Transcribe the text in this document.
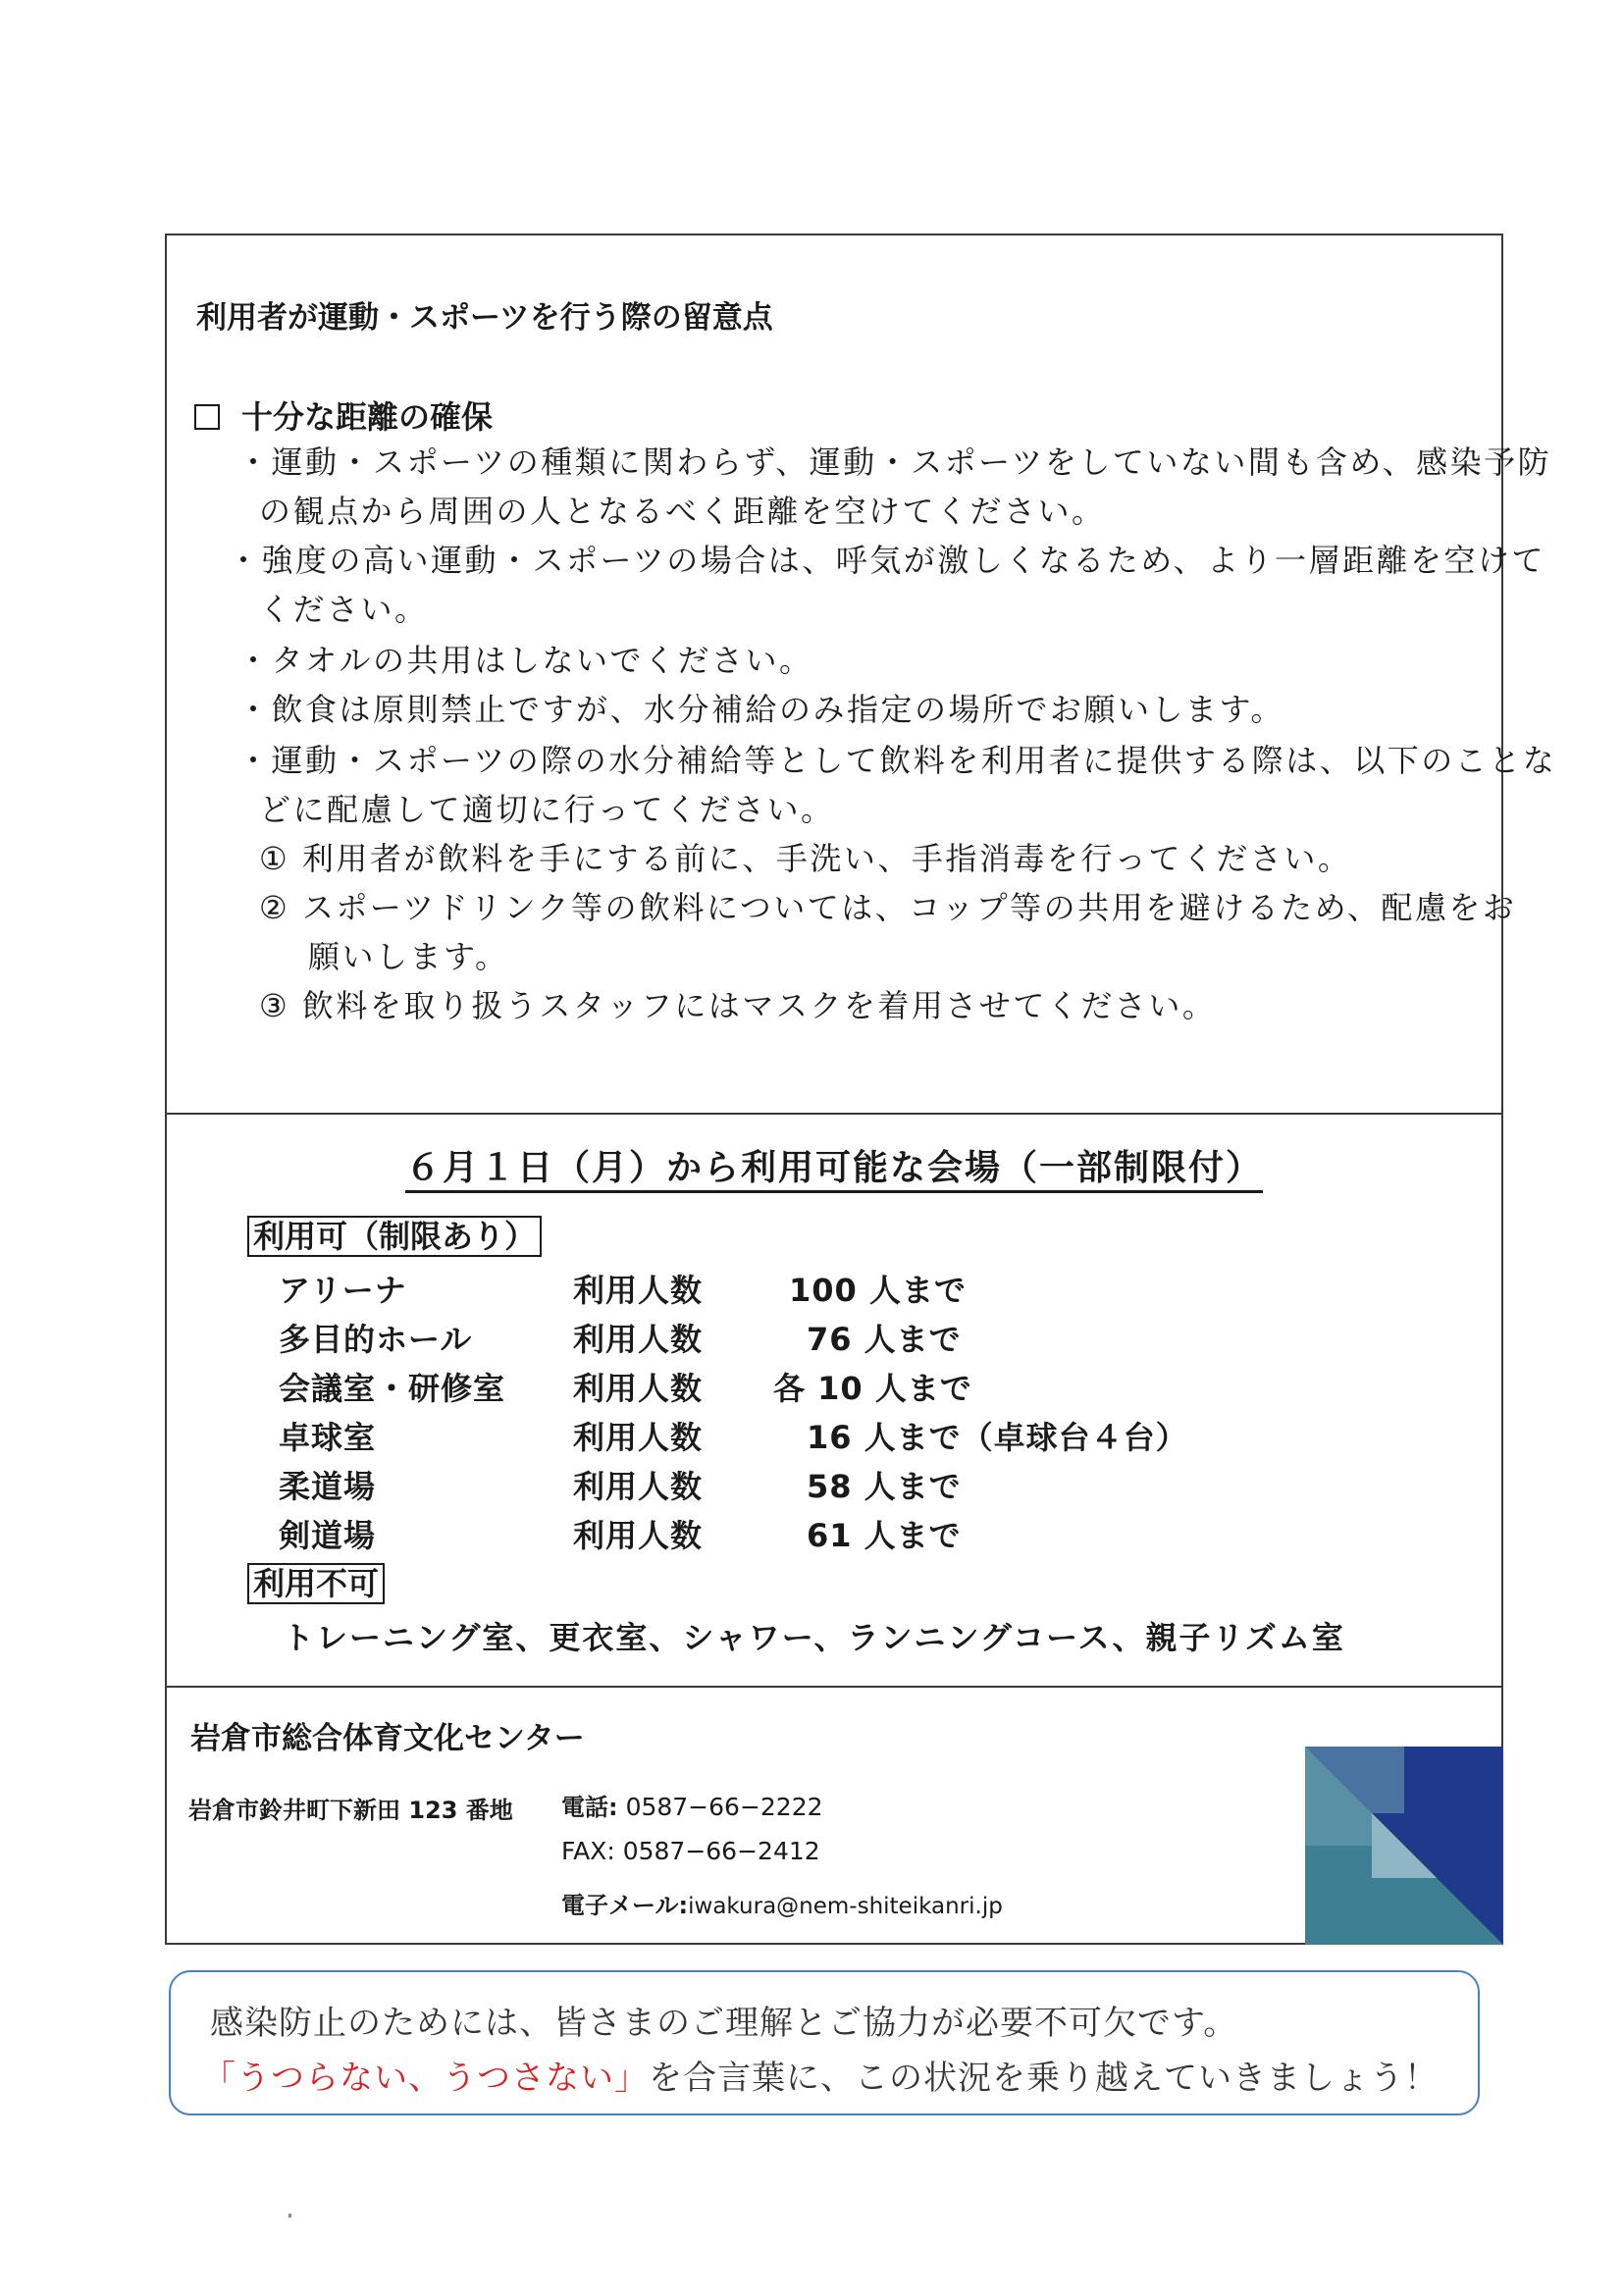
利用者が運動・スポーツを行う際の留意点
十分な距離の確保
・運動・スポーツの種類に関わらず、運動・スポーツをしていない間も含め、感染予防
の観点から周囲の人となるべく距離を空けてください。
・強度の高い運動・スポーツの場合は、呼気が激しくなるため、より一層距離を空けて
ください。
・タオルの共用はしないでください。
・飲食は原則禁止ですが、水分補給のみ指定の場所でお願いします。
・運動・スポーツの際の水分補給等として飲料を利用者に提供する際は、以下のことな
どに配慮して適切に行ってください。
① 利用者が飲料を手にする前に、手洗い、手指消毒を行ってください。
② スポーツドリンク等の飲料については、コップ等の共用を避けるため、配慮をお
願いします。
③ 飲料を取り扱うスタッフにはマスクを着用させてください。
６月１日（月）から利用可能な会場（一部制限付）
利用可（制限あり）
アリーナ	利用人数	100 人まで
多目的ホール	利用人数	76 人まで
会議室・研修室 利用人数 各 10 人まで
卓球室	利用人数	16 人まで（卓球台４台）
柔道場	利用人数	58 人まで
剣道場	利用人数	61 人まで
利用不可
トレーニング室、更衣室、シャワー、ランニングコース、親子リズム室
岩倉市総合体育文化センター
岩倉市鈴井町下新田 123 番地 電話: 0587−66−2222
FAX: 0587−66−2412
電子メール:iwakura@nem-shiteikanri.jp
感染防止のためには、皆さまのご理解とご協力が必要不可欠です。
「うつらない、うつさない」を合言葉に、この状況を乗り越えていきましょう！
